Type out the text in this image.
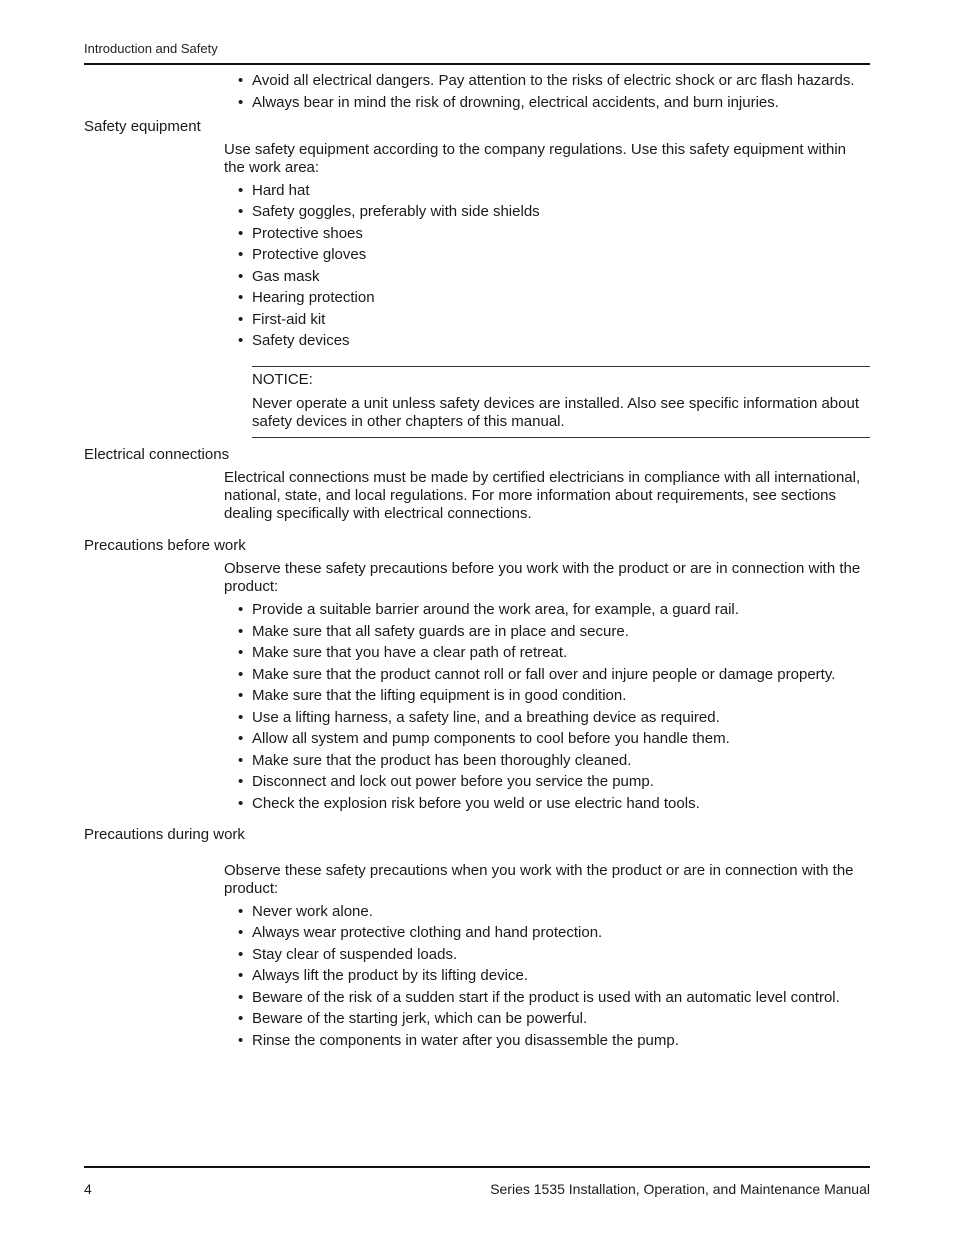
Introduction and Safety
• Avoid all electrical dangers. Pay attention to the risks of electric shock or arc flash hazards.
• Always bear in mind the risk of drowning, electrical accidents, and burn injuries.
Safety equipment

Use safety equipment according to the company regulations. Use this safety equipment within the work area:

• Hard hat
• Safety goggles, preferably with side shields
• Protective shoes
• Protective gloves
• Gas mask
• Hearing protection
• First-aid kit
• Safety devices
NOTICE:

Never operate a unit unless safety devices are installed. Also see specific information about safety devices in other chapters of this manual.

Electrical connections

Electrical connections must be made by certified electricians in compliance with all international, national, state, and local regulations. For more information about requirements, see sections dealing specifically with electrical connections.

Precautions before work

Observe these safety precautions before you work with the product or are in connection with the product:

• Provide a suitable barrier around the work area, for example, a guard rail.
• Make sure that all safety guards are in place and secure.
• Make sure that you have a clear path of retreat.
• Make sure that the product cannot roll or fall over and injure people or damage property.
• Make sure that the lifting equipment is in good condition.
• Use a lifting harness, a safety line, and a breathing device as required.
• Allow all system and pump components to cool before you handle them.
• Make sure that the product has been thoroughly cleaned.
• Disconnect and lock out power before you service the pump.
• Check the explosion risk before you weld or use electric hand tools.
Precautions during work

Observe these safety precautions when you work with the product or are in connection with the product:

• Never work alone.
• Always wear protective clothing and hand protection.
• Stay clear of suspended loads.
• Always lift the product by its lifting device.
• Beware of the risk of a sudden start if the product is used with an automatic level control.
• Beware of the starting jerk, which can be powerful.
• Rinse the components in water after you disassemble the pump.
4	Series 1535 Installation, Operation, and Maintenance Manual
